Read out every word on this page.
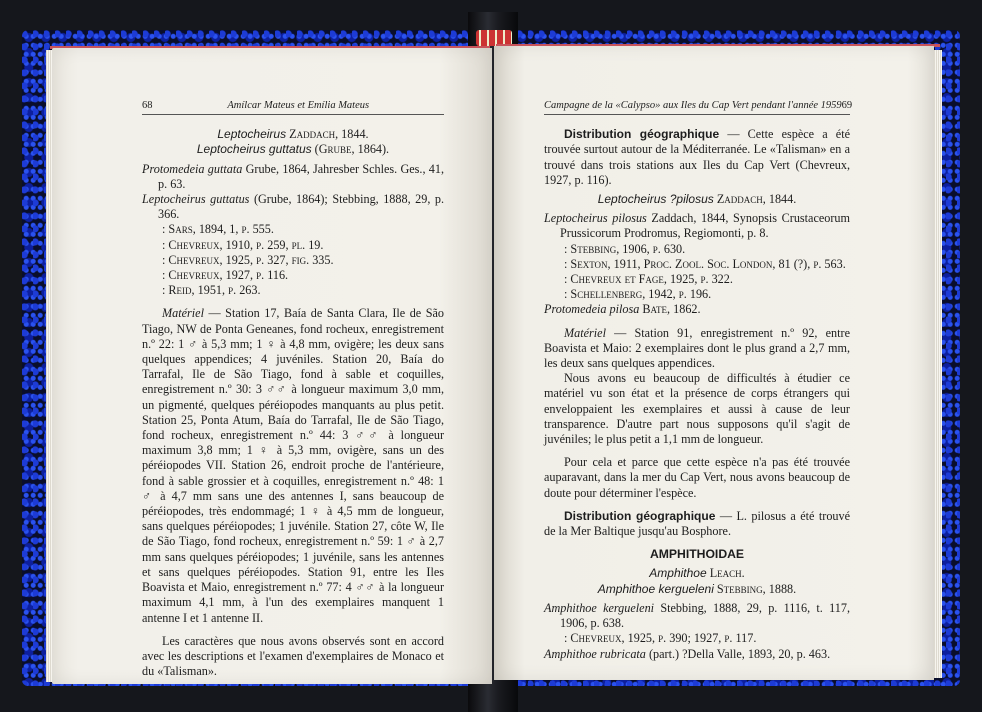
68	Amílcar Mateus et Emília Mateus
Leptocheirus Zaddach, 1844.
Leptocheirus guttatus (Grube, 1864).

Protomedeia guttata Grube, 1864, Jahresber Schles. Ges., 41, p. 63.

Leptocheirus guttatus (Grube, 1864); Stebbing, 1888, 29, p. 366.

: Sars, 1894, 1, p. 555.

: Chevreux, 1910, p. 259, pl. 19.

: Chevreux, 1925, p. 327, fig. 335.

: Chevreux, 1927, p. 116.

: Reid, 1951, p. 263.

Matériel — Station 17, Baía de Santa Clara, Ile de São Tiago, NW de Ponta Geneanes, fond rocheux, enregistrement n.º 22: 1 ♂ à 5,3 mm; 1 ♀ à 4,8 mm, ovigère; les deux sans quelques appendices; 4 juvéniles. Station 20, Baía do Tarrafal, Ile de São Tiago, fond à sable et coquilles, enregistrement n.º 30: 3 ♂♂ à longueur maximum 3,0 mm, un pigmenté, quelques péréiopodes manquants au plus petit. Station 25, Ponta Atum, Baía do Tarrafal, Ile de São Tiago, fond rocheux, enregistrement n.º 44: 3 ♂♂ à longueur maximum 3,8 mm; 1 ♀ à 5,3 mm, ovigère, sans un des péréiopodes VII. Station 26, endroit proche de l'antérieure, fond à sable grossier et à coquilles, enregistrement n.º 48: 1 ♂ à 4,7 mm sans une des antennes I, sans beaucoup de péréiopodes, très endommagé; 1 ♀ à 4,5 mm de longueur, sans quelques péréiopodes; 1 juvénile. Station 27, côte W, Ile de São Tiago, fond rocheux, enregistrement n.º 59: 1 ♂ à 2,7 mm sans quelques péréiopodes; 1 juvénile, sans les antennes et sans quelques péréiopodes. Station 91, entre les Iles Boavista et Maio, enregistrement n.º 77: 4 ♂♂ à la longueur maximum 4,1 mm, à l'un des exemplaires manquent 1 antenne I et 1 antenne II.

Les caractères que nous avons observés sont en accord avec les descriptions et l'examen d'exemplaires de Monaco et du «Talisman».

Campagne de la «Calypso» aux Iles du Cap Vert pendant l'année 1959 69

Distribution géographique — Cette espèce a été trouvée surtout autour de la Méditerranée. Le «Talisman» en a trouvé dans trois stations aux Iles du Cap Vert (Chevreux, 1927, p. 116).

Leptocheirus ?pilosus Zaddach, 1844.

Leptocheirus pilosus Zaddach, 1844, Synopsis Crustaceorum Prussicorum Prodromus, Regiomonti, p. 8.

: Stebbing, 1906, p. 630.

: Sexton, 1911, Proc. Zool. Soc. London, 81 (?), p. 563.

: Chevreux et Fage, 1925, p. 322.

: Schellenberg, 1942, p. 196.

Protomedeia pilosa Bate, 1862.

Matériel — Station 91, enregistrement n.º 92, entre Boavista et Maio: 2 exemplaires dont le plus grand a 2,7 mm, les deux sans quelques appendices.

Nous avons eu beaucoup de difficultés à étudier ce matériel vu son état et la présence de corps étrangers qui enveloppaient les exemplaires et aussi à cause de leur transparence. D'autre part nous supposons qu'il s'agit de juvéniles; le plus petit a 1,1 mm de longueur.

Pour cela et parce que cette espèce n'a pas été trouvée auparavant, dans la mer du Cap Vert, nous avons beaucoup de doute pour déterminer l'espèce.

Distribution géographique — L. pilosus a été trouvé de la Mer Baltique jusqu'au Bosphore.

AMPHITHOIDAE
Amphithoe Leach.
Amphithoe kergueleni Stebbing, 1888.

Amphithoe kergueleni Stebbing, 1888, 29, p. 1116, t. 117, 1906, p. 638.

: Chevreux, 1925, p. 390; 1927, p. 117.

Amphithoe rubricata (part.) ?Della Valle, 1893, 20, p. 463.
